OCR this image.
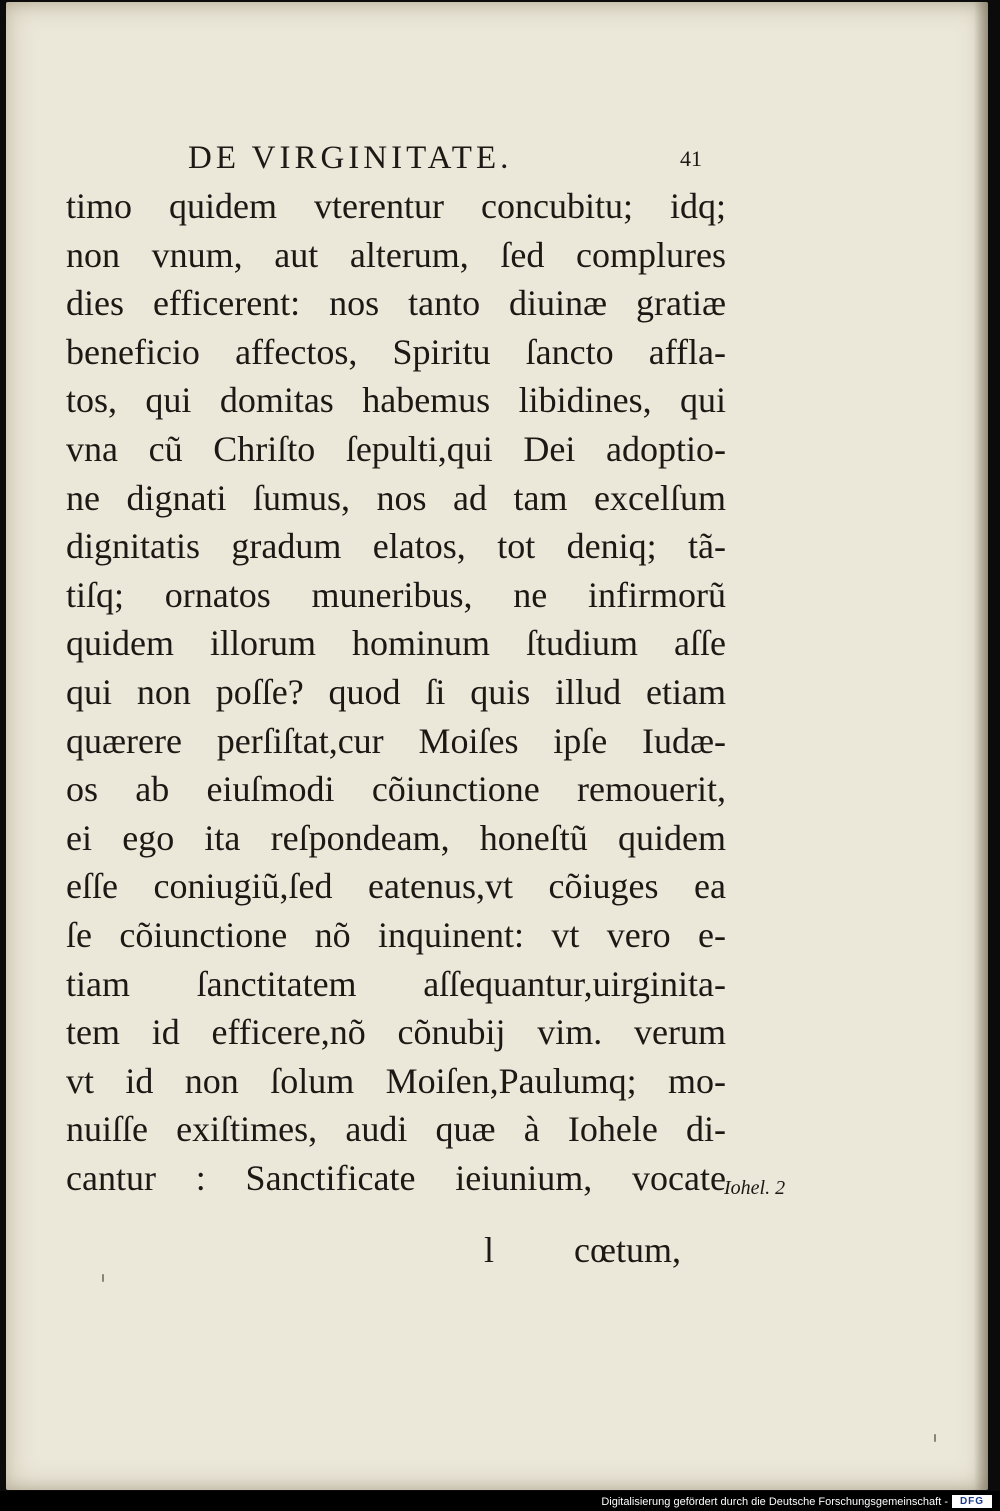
DE VIRGINITATE.	41
timo quidem vterentur concubitu; idq;
non vnum, aut alterum, ſed complures
dies efficerent: nos tanto diuinæ gratiæ
beneficio affectos, Spiritu ſancto affla-
tos, qui domitas habemus libidines, qui
vna cũ Chriſto ſepulti,qui Dei adoptio-
ne dignati ſumus, nos ad tam excelſum
dignitatis gradum elatos, tot deniq; tã-
tiſq; ornatos muneribus, ne infirmorũ
quidem illorum hominum ſtudium aſſe
qui non poſſe? quod ſi quis illud etiam
quærere perſiſtat,cur Moiſes ipſe Iudæ-
os ab eiuſmodi cõiunctione remouerit,
ei ego ita reſpondeam, honeſtũ quidem
eſſe coniugiũ,ſed eatenus,vt cõiuges ea
ſe cõiunctione nõ inquinent: vt vero e-
tiam ſanctitatem aſſequantur,uirginita-
tem id efficere,nõ cõnubij vim. verum
vt id non ſolum Moiſen,Paulumq; mo-
nuiſſe exiſtimes, audi quæ à Iohele di-
cantur : Sanctificate ieiunium, vocate
Iohel. 2
l cœtum,
Digitalisierung gefördert durch die Deutsche Forschungsgemeinschaft -	DFG
